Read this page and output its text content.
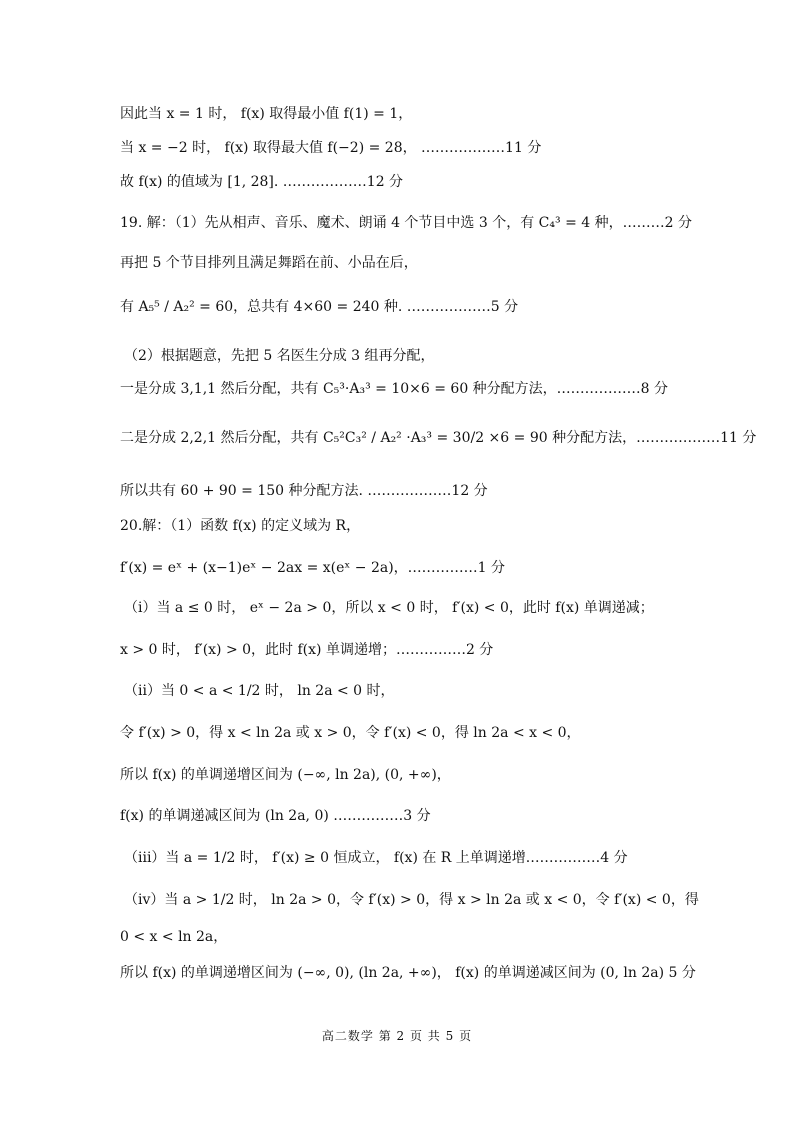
因此当 x = 1 时， f(x) 取得最小值 f(1) = 1，
当 x = −2 时， f(x) 取得最大值 f(−2) = 28， ………………11 分
故 f(x) 的值域为 [1, 28]. ………………12 分
19. 解：（1）先从相声、音乐、魔术、朗诵 4 个节目中选 3 个，有 C₄³ = 4 种，………2 分
再把 5 个节目排列且满足舞蹈在前、小品在后，
有 A₅⁵ / A₂² = 60，总共有 4×60 = 240 种. ………………5 分
（2）根据题意，先把 5 名医生分成 3 组再分配，
一是分成 3,1,1 然后分配，共有 C₅³·A₃³ = 10×6 = 60 种分配方法，………………8 分
二是分成 2,2,1 然后分配，共有 C₅²C₃² / A₂² ·A₃³ = 30/2 ×6 = 90 种分配方法，………………11 分
所以共有 60 + 90 = 150 种分配方法. ………………12 分
20.解：（1）函数 f(x) 的定义域为 R，
f′(x) = eˣ + (x−1)eˣ − 2ax = x(eˣ − 2a)，……………1 分
（i）当 a ≤ 0 时， eˣ − 2a > 0，所以 x < 0 时， f′(x) < 0，此时 f(x) 单调递减；
x > 0 时， f′(x) > 0，此时 f(x) 单调递增；……………2 分
（ii）当 0 < a < 1/2 时， ln 2a < 0 时，
令 f′(x) > 0，得 x < ln 2a 或 x > 0，令 f′(x) < 0，得 ln 2a < x < 0，
所以 f(x) 的单调递增区间为 (−∞, ln 2a), (0, +∞)，
f(x) 的单调递减区间为 (ln 2a, 0) ……………3 分
（iii）当 a = 1/2 时， f′(x) ≥ 0 恒成立， f(x) 在 R 上单调递增.……………4 分
（iv）当 a > 1/2 时， ln 2a > 0，令 f′(x) > 0，得 x > ln 2a 或 x < 0，令 f′(x) < 0，得
0 < x < ln 2a，
所以 f(x) 的单调递增区间为 (−∞, 0), (ln 2a, +∞)， f(x) 的单调递减区间为 (0, ln 2a) 5 分
高二数学 第 2 页 共 5 页
